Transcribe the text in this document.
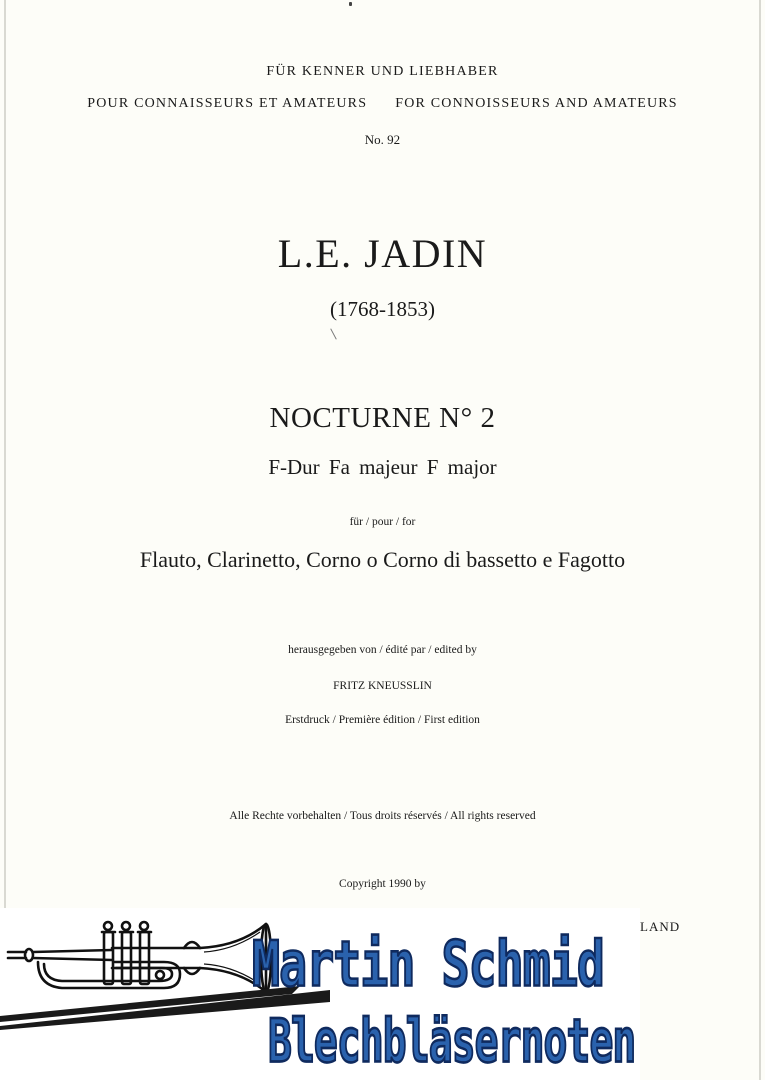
FÜR KENNER UND LIEBHABER

POUR CONNAISSEURS ET AMATEURS FOR CONNOISSEURS AND AMATEURS

No. 92

L.E. JADIN

(1768-1853)

NOCTURNE N° 2

F-Dur Fa majeur F major

für / pour / for

Flauto, Clarinetto, Corno o Corno di bassetto e Fagotto

herausgegeben von / édité par / edited by

FRITZ KNEUSSLIN

Erstdruck / Première édition / First edition

Alle Rechte vorbehalten / Tous droits réservés / All rights reserved

Copyright 1990 by

LAND
Martin Schmid
Blechbläsernoten
